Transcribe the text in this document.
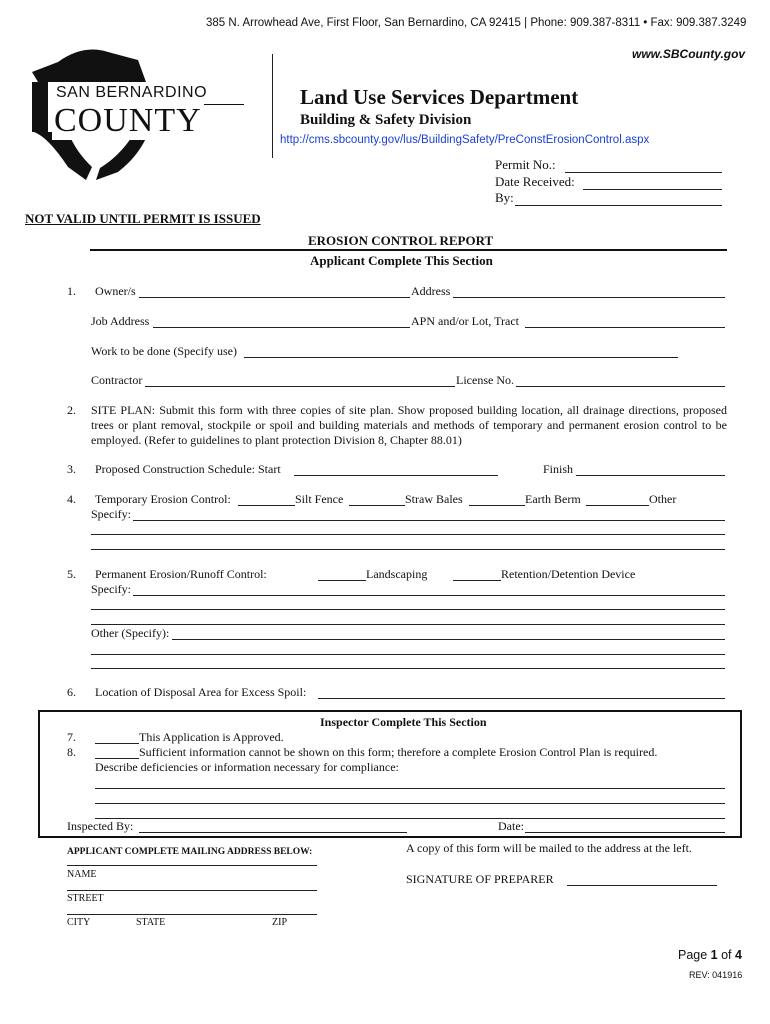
385 N. Arrowhead Ave, First Floor, San Bernardino, CA 92415 | Phone: 909.387-8311 • Fax: 909.387.3249
www.SBCounty.gov
SAN BERNARDINO
COUNTY
Land Use Services Department
Building & Safety Division
http://cms.sbcounty.gov/lus/BuildingSafety/PreConstErosionControl.aspx
Permit No.:
Date Received:
By:
NOT VALID UNTIL PERMIT IS ISSUED
EROSION CONTROL REPORT
Applicant Complete This Section
1. Owner/s	Address
Job Address	APN and/or Lot, Tract
Work to be done (Specify use)
Contractor	License No.
2. SITE PLAN: Submit this form with three copies of site plan. Show proposed building location, all drainage directions, proposed trees or plant removal, stockpile or spoil and building materials and methods of temporary and permanent erosion control to be employed. (Refer to guidelines to plant protection Division 8, Chapter 88.01)
3. Proposed Construction Schedule: Start	Finish
4. Temporary Erosion Control:	Silt Fence	Straw Bales	Earth Berm	Other
Specify:
5. Permanent Erosion/Runoff Control:	Landscaping	Retention/Detention Device
Specify:
Other (Specify):
6. Location of Disposal Area for Excess Spoil:
Inspector Complete This Section
7.	This Application is Approved.
8.	Sufficient information cannot be shown on this form; therefore a complete Erosion Control Plan is required.
Describe deficiencies or information necessary for compliance:
Inspected By:	Date:
APPLICANT COMPLETE MAILING ADDRESS BELOW:
NAME
STREET
CITY	STATE	ZIP
A copy of this form will be mailed to the address at the left.
SIGNATURE OF PREPARER
Page 1 of 4
REV: 041916
